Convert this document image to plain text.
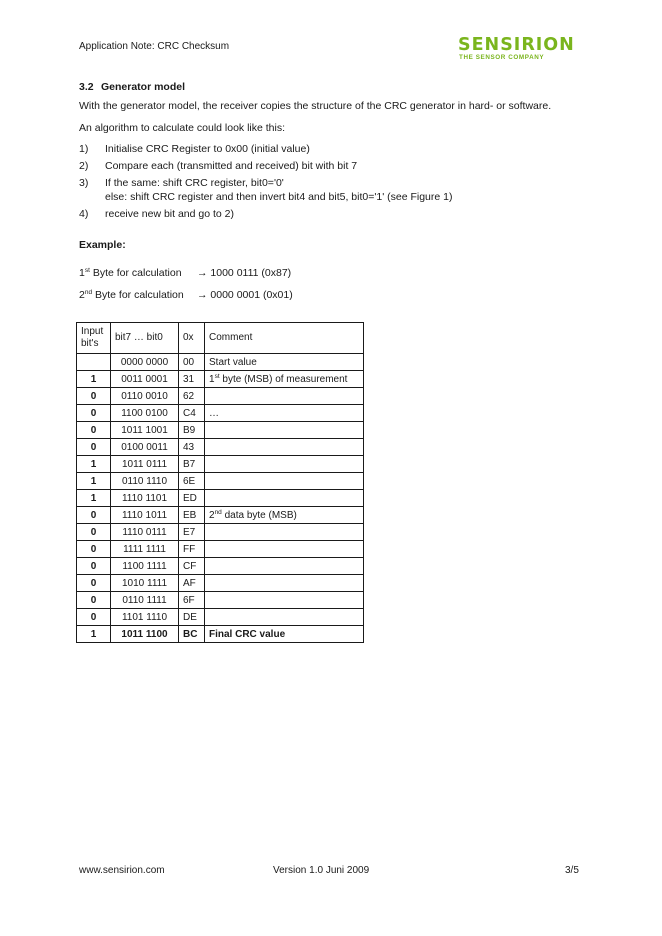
Application Note: CRC Checksum	SENSIRION
THE SENSOR COMPANY
3.2 Generator model
With the generator model, the receiver copies the structure of the CRC generator in hard- or software.
An algorithm to calculate could look like this:
1)	Initialise CRC Register to 0x00 (initial value)
2)	Compare each (transmitted and received) bit with bit 7
3)	If the same: shift CRC register, bit0='0'
else: shift CRC register and then invert bit4 and bit5, bit0='1' (see Figure 1)
4)	receive new bit and go to 2)
Example:
1st Byte for calculation	→ 1000 0111 (0x87)
2nd Byte for calculation	→ 0000 0001 (0x01)
Input bit's	bit7 … bit0	0x	Comment
	0000 0000	00	Start value
1	0011 0001	31	1st byte (MSB) of measurement
0	0110 0010	62	
0	1100 0100	C4	…
0	1011 1001	B9	
0	0100 0011	43	
1	1011 0111	B7	
1	0110 1110	6E	
1	1110 1101	ED	
0	1110 1011	EB	2nd data byte (MSB)
0	1110 0111	E7	
0	1111 1111	FF	
0	1100 1111	CF	
0	1010 1111	AF	
0	0110 1111	6F	
0	1101 1110	DE	
1	1011 1100	BC	Final CRC value
www.sensirion.com	Version 1.0 Juni 2009	3/5
